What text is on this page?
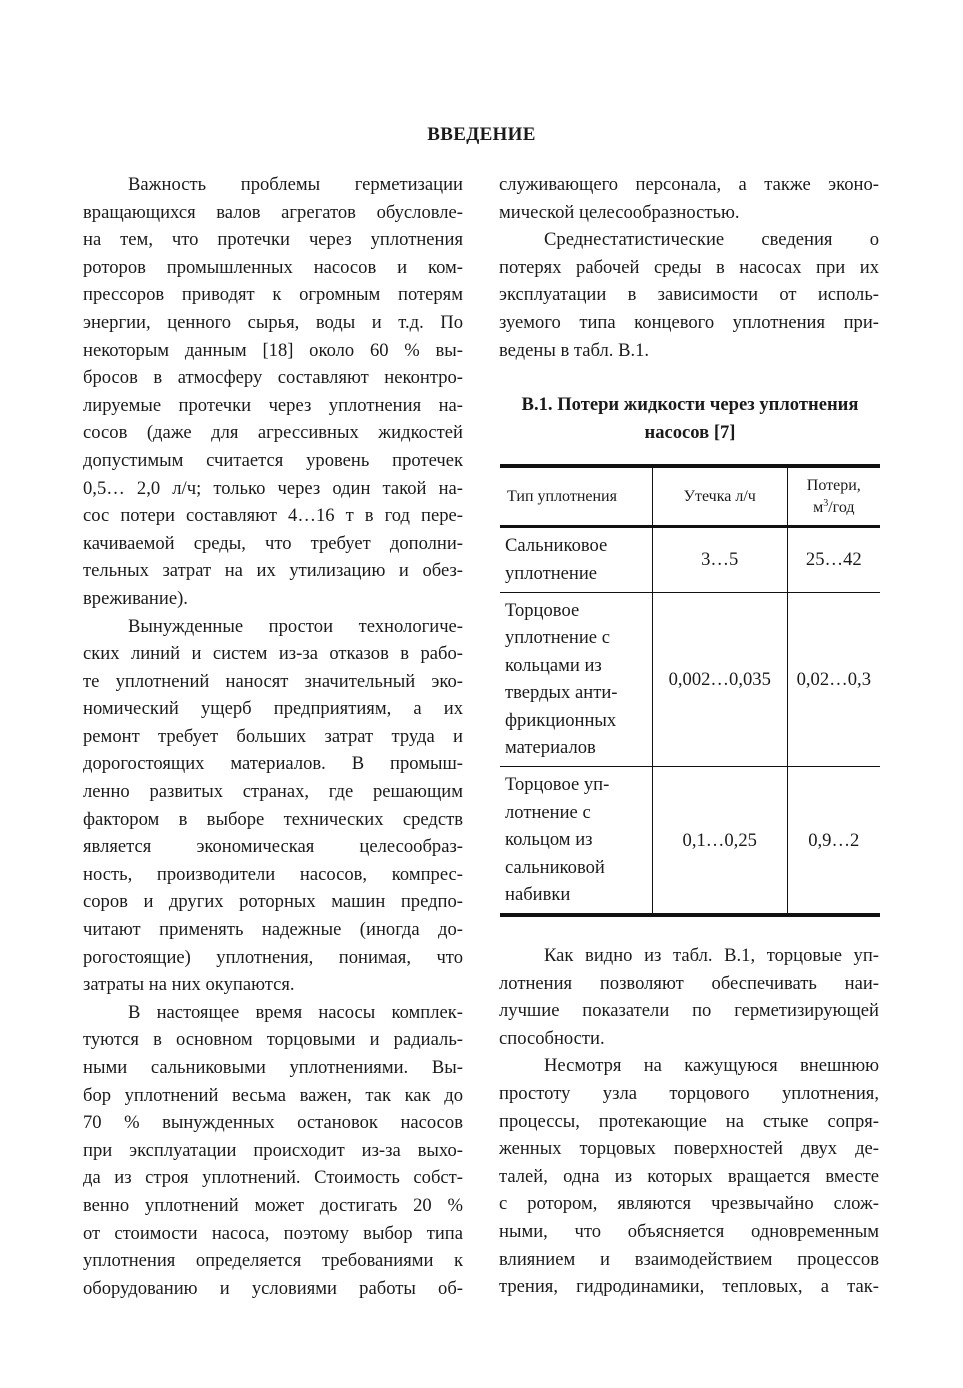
ВВЕДЕНИЕ
Важность проблемы герметизации
вращающихся валов агрегатов обусловле-
на тем, что протечки через уплотнения
роторов промышленных насосов и ком-
прессоров приводят к огромным потерям
энергии, ценного сырья, воды и т.д. По
некоторым данным [18] около 60 % вы-
бросов в атмосферу составляют неконтро-
лируемые протечки через уплотнения на-
сосов (даже для агрессивных жидкостей
допустимым считается уровень протечек
0,5… 2,0 л/ч; только через один такой на-
сос потери составляют 4…16 т в год пере-
качиваемой среды, что требует дополни-
тельных затрат на их утилизацию и обез-
вреживание).
Вынужденные простои технологиче-
ских линий и систем из-за отказов в рабо-
те уплотнений наносят значительный эко-
номический ущерб предприятиям, а их
ремонт требует больших затрат труда и
дорогостоящих материалов. В промыш-
ленно развитых странах, где решающим
фактором в выборе технических средств
является экономическая целесообраз-
ность, производители насосов, компрес-
соров и других роторных машин предпо-
читают применять надежные (иногда до-
рогостоящие) уплотнения, понимая, что
затраты на них окупаются.
В настоящее время насосы комплек-
туются в основном торцовыми и радиаль-
ными сальниковыми уплотнениями. Вы-
бор уплотнений весьма важен, так как до
70 % вынужденных остановок насосов
при эксплуатации происходит из-за выхо-
да из строя уплотнений. Стоимость собст-
венно уплотнений может достигать 20 %
от стоимости насоса, поэтому выбор типа
уплотнения определяется требованиями к
оборудованию и условиями работы об-
служивающего персонала, а также эконо-
мической целесообразностью.
Среднестатистические сведения о
потерях рабочей среды в насосах при их
эксплуатации в зависимости от исполь-
зуемого типа концевого уплотнения при-
ведены в табл. В.1.
В.1. Потери жидкости через уплотнения
насосов [7]
Тип уплотнения	Утечка л/ч	Потери,
$м^3$/год

Сальниковое
уплотнение	3…5	25…42

Торцовое
уплотнение с
кольцами из
твердых анти-
фрикционных
материалов
	0,002…0,035	0,02…0,3

Торцовое уп-
лотнение с
кольцом из
сальниковой
набивки	0,1…0,25	0,9…2
Как видно из табл. В.1, торцовые уп-
лотнения позволяют обеспечивать наи-
лучшие показатели по герметизирующей
способности.
Несмотря на кажущуюся внешнюю
простоту узла торцового уплотнения,
процессы, протекающие на стыке сопря-
женных торцовых поверхностей двух де-
талей, одна из которых вращается вместе
с ротором, являются чрезвычайно слож-
ными, что объясняется одновременным
влиянием и взаимодействием процессов
трения, гидродинамики, тепловых, а так-
